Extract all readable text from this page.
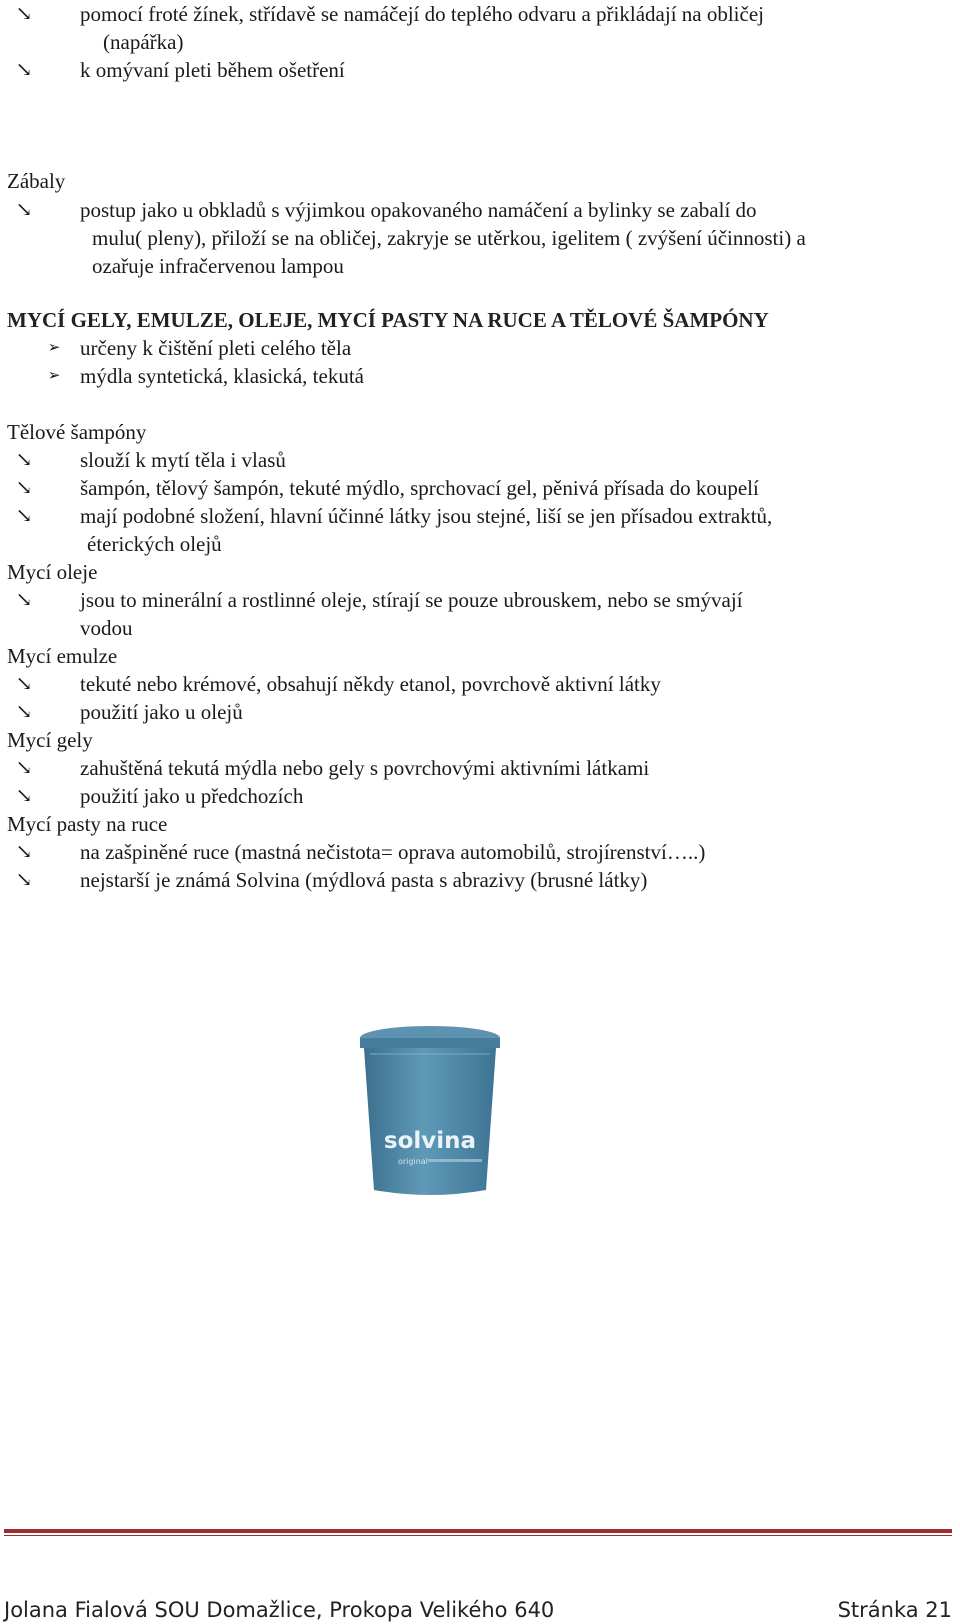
↘ pomocí froté žínek, střídavě se namáčejí do teplého odvaru a přikládají na obličej
(napářka)
↘ k omývaní pleti během ošetření
Zábaly
↘ postup jako u obkladů s výjimkou opakovaného namáčení a bylinky se zabalí do
mulu( pleny), přiloží se na obličej, zakryje se utěrkou, igelitem ( zvýšení účinnosti) a
ozařuje infračervenou lampou
MYCÍ GELY, EMULZE, OLEJE, MYCÍ PASTY NA RUCE A TĚLOVÉ ŠAMPÓNY
➢ určeny k čištění pleti celého těla
➢ mýdla syntetická, klasická, tekutá
Tělové šampóny
↘ slouží k mytí těla i vlasů
↘ šampón, tělový šampón, tekuté mýdlo, sprchovací gel, pěnivá přísada do koupelí
↘ mají podobné složení, hlavní účinné látky jsou stejné, liší se jen přísadou extraktů,
éterických olejů
Mycí oleje
↘ jsou to minerální a rostlinné oleje, stírají se pouze ubrouskem, nebo se smývají
vodou
Mycí emulze
↘ tekuté nebo krémové, obsahují někdy etanol, povrchově aktivní látky
↘ použití jako u olejů
Mycí gely
↘ zahuštěná tekutá mýdla nebo gely s povrchovými aktivními látkami
↘ použití jako u předchozích
Mycí pasty na ruce
↘ na zašpiněné ruce (mastná nečistota= oprava automobilů, strojírenství…..)
↘ nejstarší je známá Solvina (mýdlová pasta s abrazivy (brusné látky)
solvina
original
Jolana Fialová SOU Domažlice, Prokopa Velikého 640	Stránka 21
